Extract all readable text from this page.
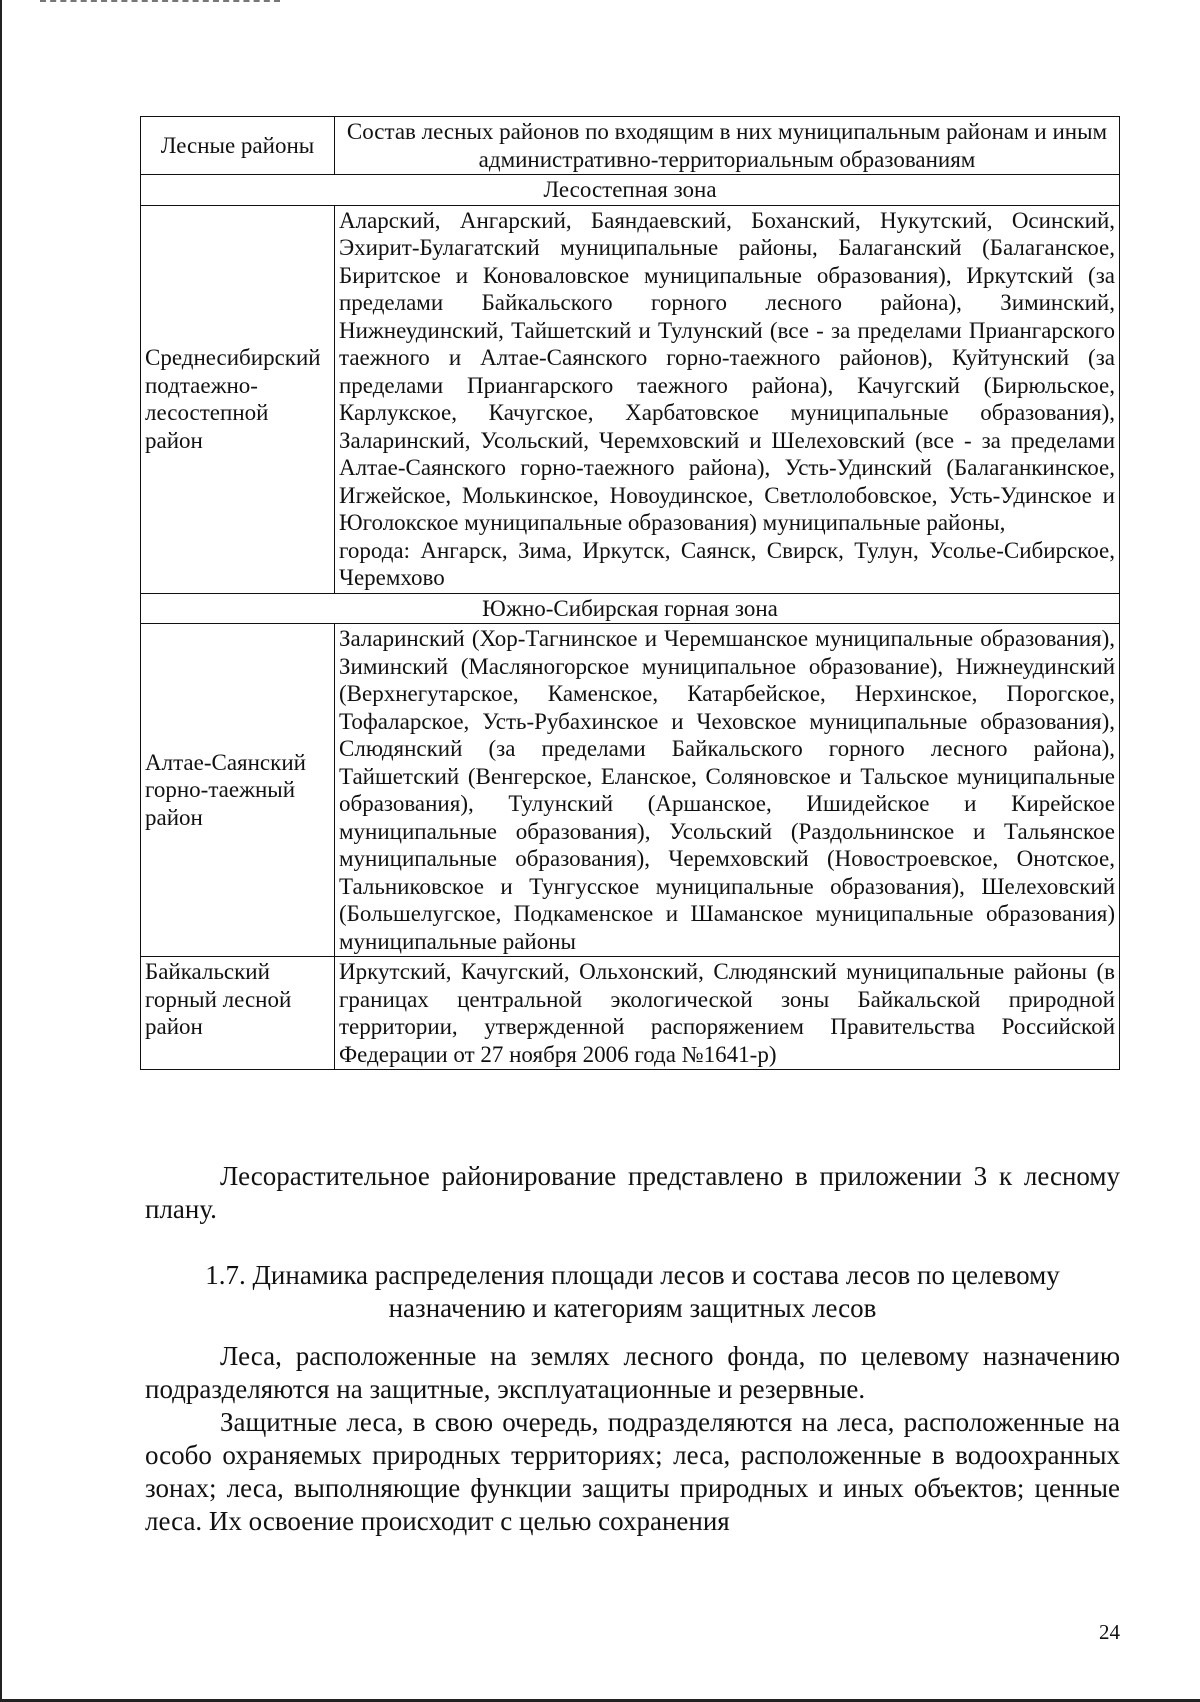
Лесные районы	Состав лесных районов по входящим в них муниципальным районам и иным административно-территориальным образованиям
Лесостепная зона	
Среднесибирский подтаежно-лесостепной район	Аларский, Ангарский, Баяндаевский, Боханский, Нукутский, Осинский, Эхирит-Булагатский муниципальные районы, Балаганский (Балаганское, Биритское и Коноваловское муниципальные образования), Иркутский (за пределами Байкальского горного лесного района), Зиминский, Нижнеудинский, Тайшетский и Тулунский (все - за пределами Приангарского таежного и Алтае-Саянского горно-таежного районов), Куйтунский (за пределами Приангарского таежного района), Качугский (Бирюльское, Карлукское, Качугское, Харбатовское муниципальные образования), Заларинский, Усольский, Черемховский и Шелеховский (все - за пределами Алтае-Саянского горно-таежного района), Усть-Удинский (Балаганкинское, Игжейское, Молькинское, Новоудинское, Светлолобовское, Усть-Удинское и Юголокское муниципальные образования) муниципальные районы,

города: Ангарск, Зима, Иркутск, Саянск, Свирск, Тулун, Усолье-Сибирское, Черемхово

Южно-Сибирская горная зона	
Алтае-Саянский горно-таежный район	Заларинский (Хор-Тагнинское и Черемшанское муниципальные образования), Зиминский (Масляногорское муниципальное образование), Нижнеудинский (Верхнегутарское, Каменское, Катарбейское, Нерхинское, Порогское, Тофаларское, Усть-Рубахинское и Чеховское муниципальные образования), Слюдянский (за пределами Байкальского горного лесного района), Тайшетский (Венгерское, Еланское, Соляновское и Тальское муниципальные образования), Тулунский (Аршанское, Ишидейское и Кирейское муниципальные образования), Усольский (Раздольнинское и Тальянское муниципальные образования), Черемховский (Новостроевское, Онотское, Тальниковское и Тунгусское муниципальные образования), Шелеховский (Большелугское, Подкаменское и Шаманское муниципальные образования) муниципальные районы

Байкальский горный лесной район	Иркутский, Качугский, Ольхонский, Слюдянский муниципальные районы (в границах центральной экологической зоны Байкальской природной территории, утвержденной распоряжением Правительства Российской Федерации от 27 ноября 2006 года №1641-р)

Лесорастительное районирование представлено в приложении 3 к лесному плану.

1.7. Динамика распределения площади лесов и состава лесов по целевому назначению и категориям защитных лесов

Леса, расположенные на землях лесного фонда, по целевому назначению подразделяются на защитные, эксплуатационные и резервные.

Защитные леса, в свою очередь, подразделяются на леса, расположенные на особо охраняемых природных территориях; леса, расположенные в водоохранных зонах; леса, выполняющие функции защиты природных и иных объектов; ценные леса. Их освоение происходит с целью сохранения

24
